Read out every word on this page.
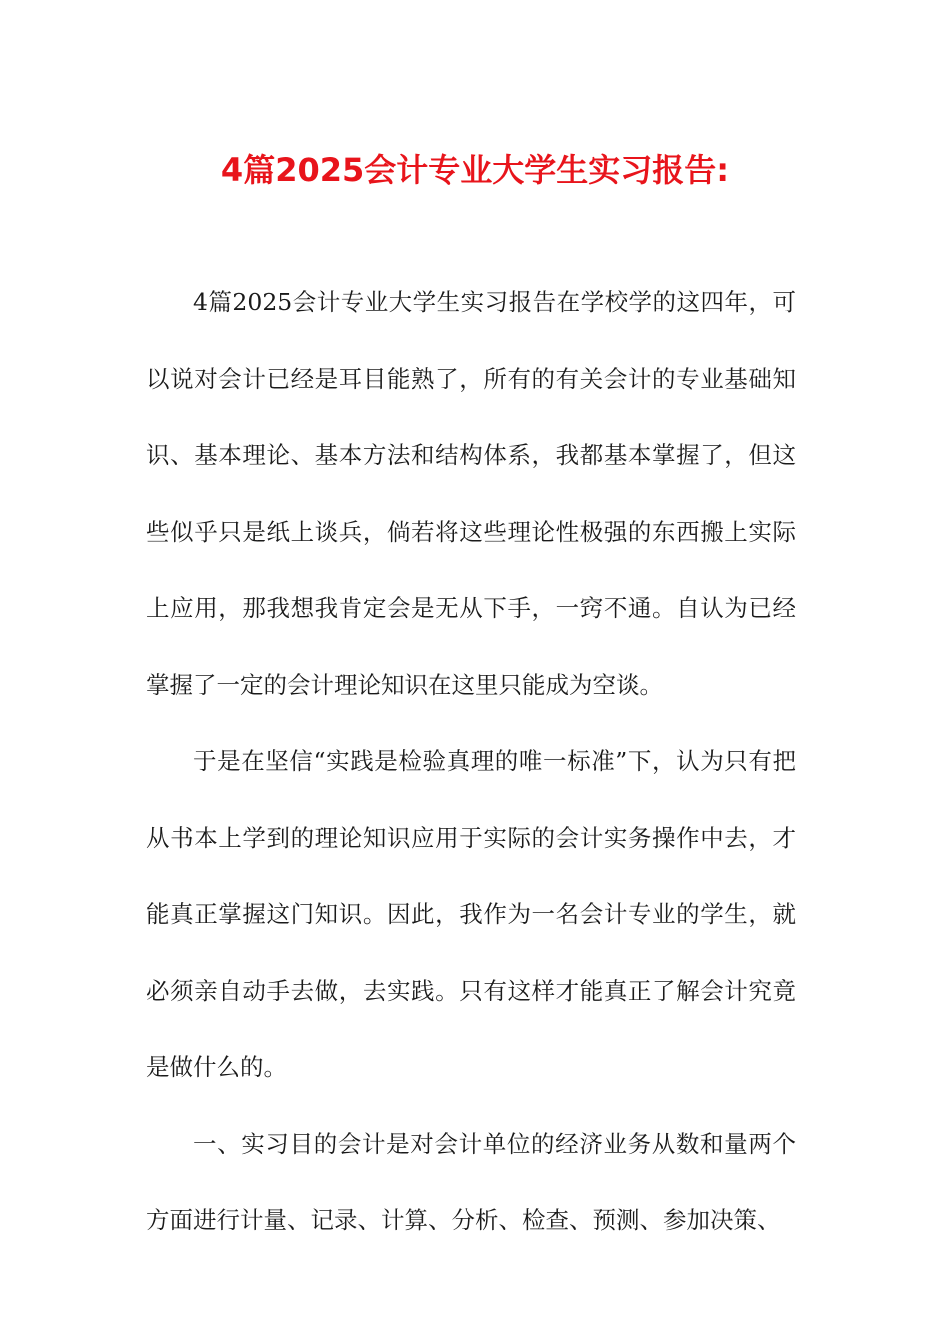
4篇2025会计专业大学生实习报告:

4篇2025会计专业大学生实习报告在学校学的这四年，可以说对会计已经是耳目能熟了，所有的有关会计的专业基础知识、基本理论、基本方法和结构体系，我都基本掌握了，但这些似乎只是纸上谈兵，倘若将这些理论性极强的东西搬上实际上应用，那我想我肯定会是无从下手，一窍不通。自认为已经掌握了一定的会计理论知识在这里只能成为空谈。

于是在坚信“实践是检验真理的唯一标准”下，认为只有把从书本上学到的理论知识应用于实际的会计实务操作中去，才能真正掌握这门知识。因此，我作为一名会计专业的学生，就必须亲自动手去做，去实践。只有这样才能真正了解会计究竟是做什么的。

一、实习目的会计是对会计单位的经济业务从数和量两个方面进行计量、记录、计算、分析、检查、预测、参加决策、
